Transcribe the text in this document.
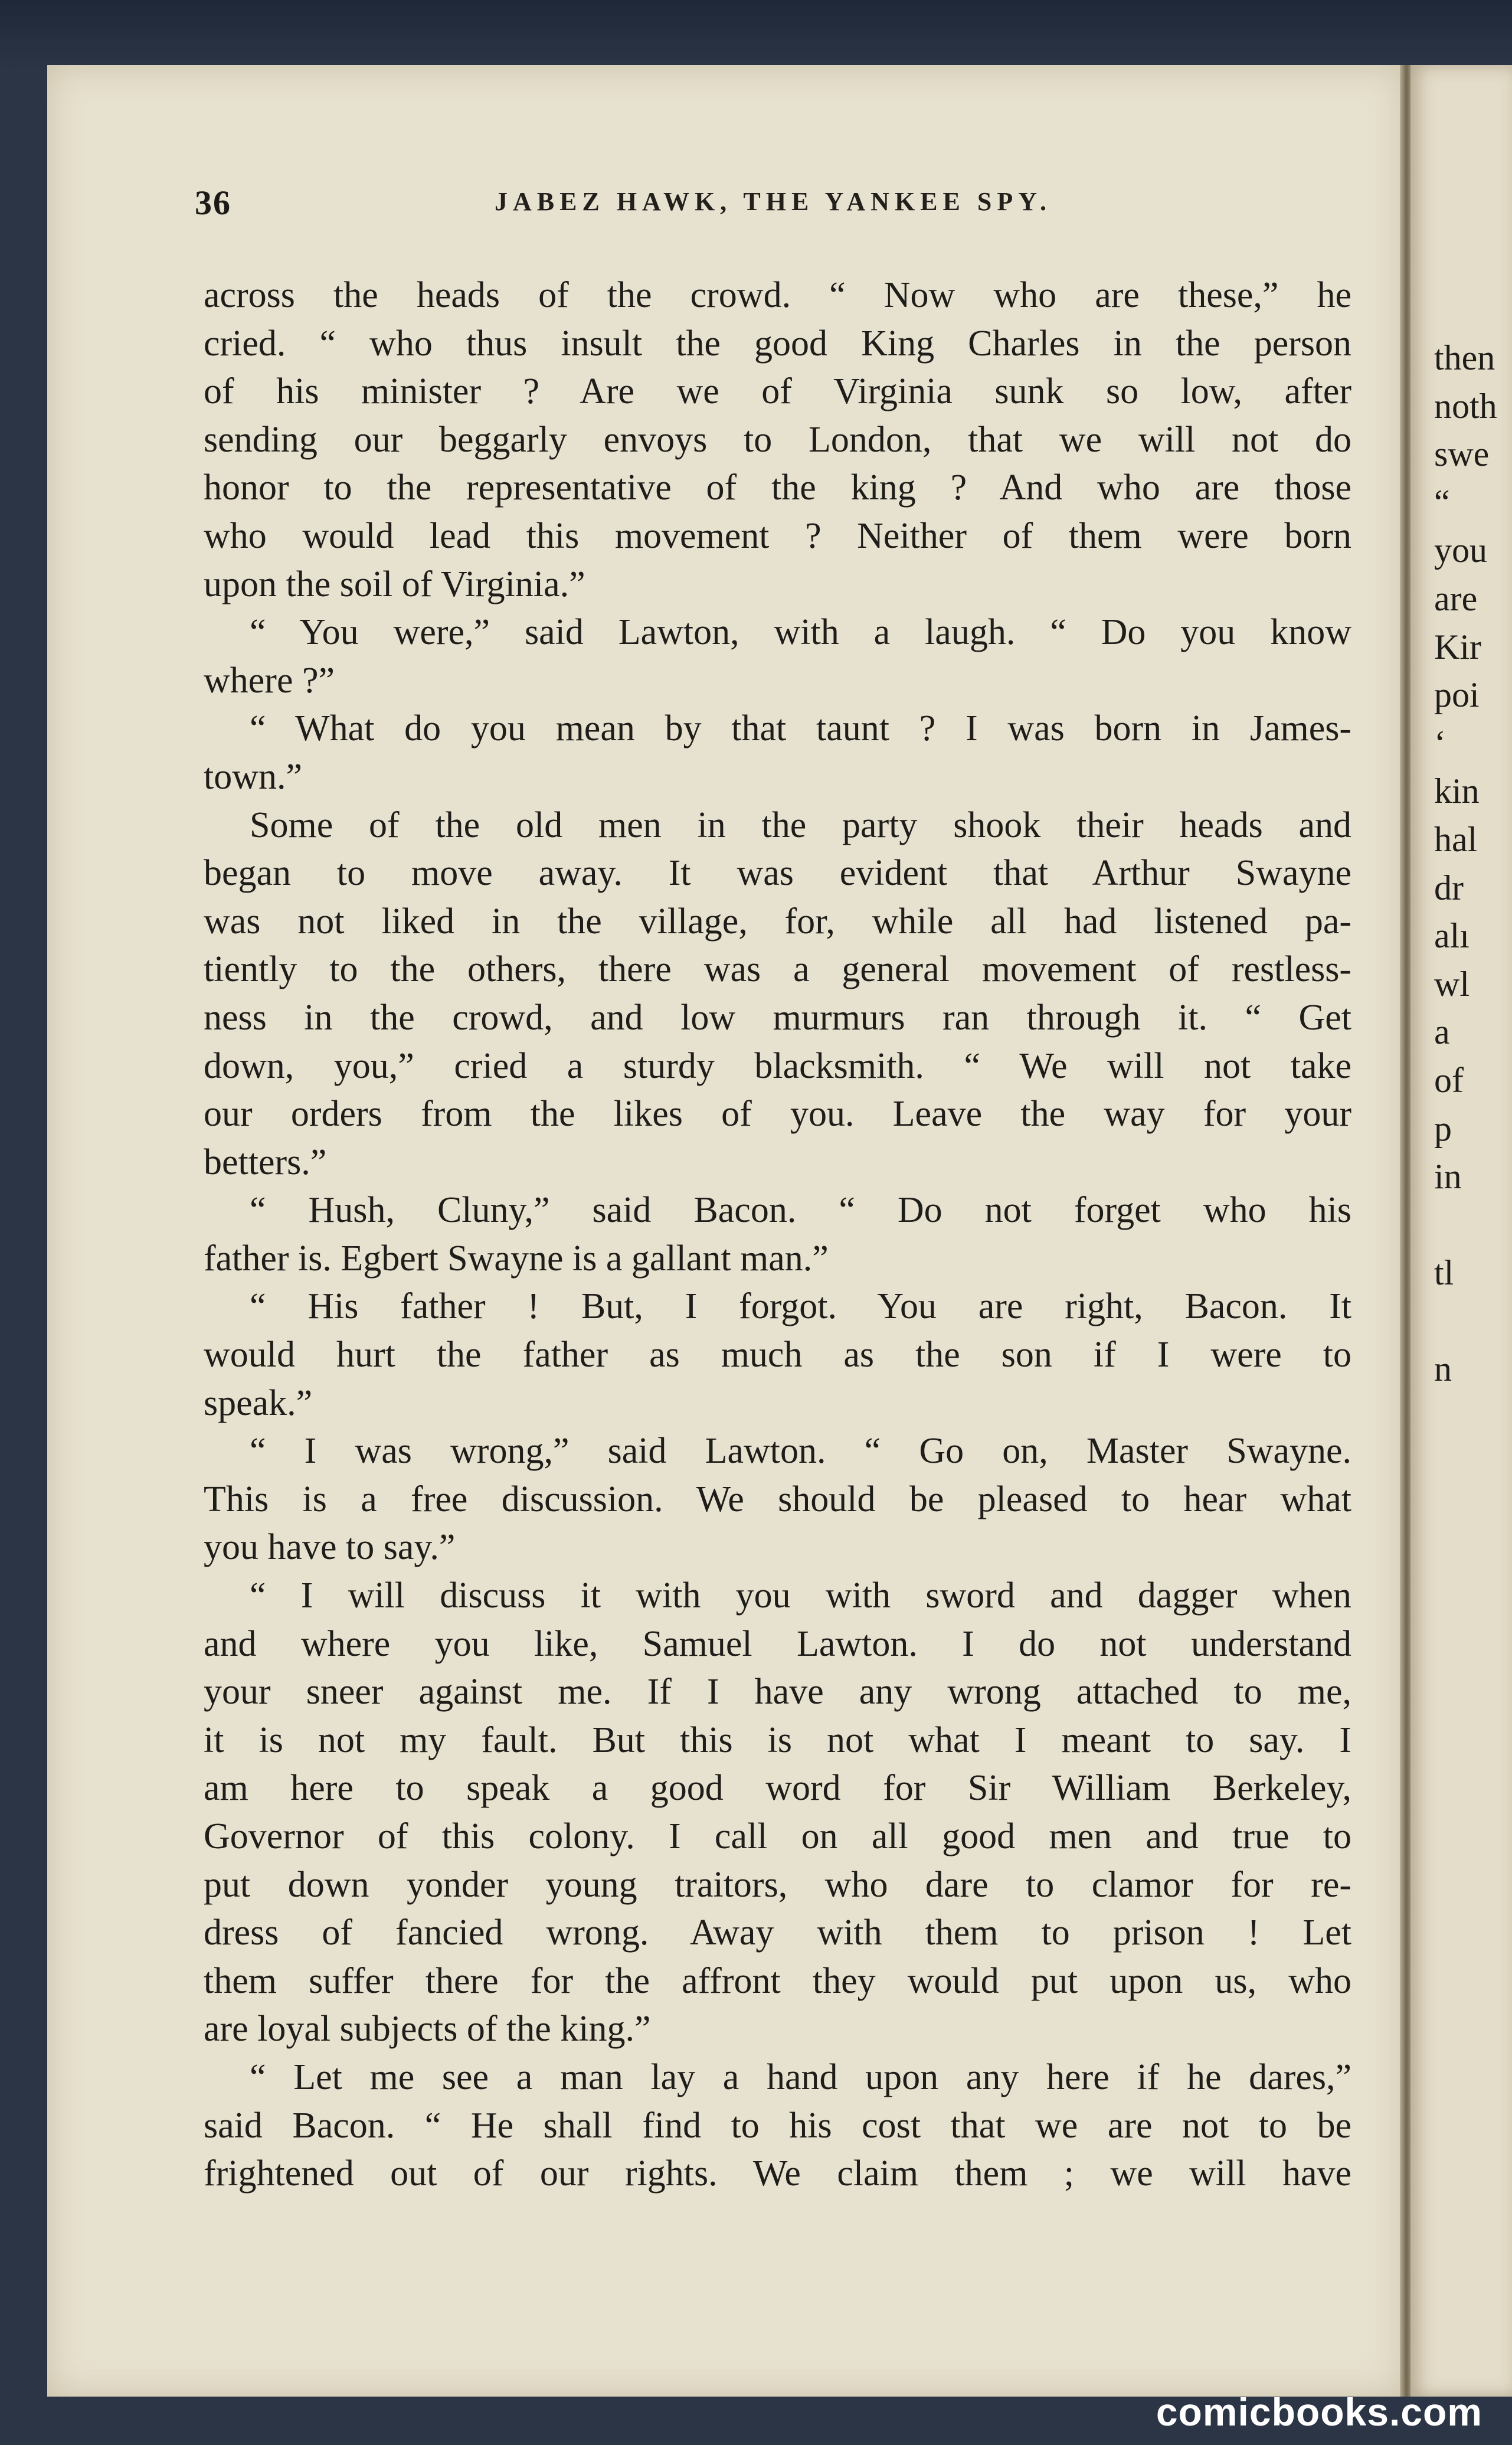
then
noth
swe
“
you
are
Kir
poi
‘
kin
hal
dr
alı
wl
a
of
p
in
tl
n
36	JABEZ HAWK, THE YANKEE SPY.
across the heads of the crowd. “ Now who are these,” he
cried. “ who thus insult the good King Charles in the person
of his minister ? Are we of Virginia sunk so low, after
sending our beggarly envoys to London, that we will not do
honor to the representative of the king ? And who are those
who would lead this movement ? Neither of them were born
upon the soil of Virginia.”
“ You were,” said Lawton, with a laugh. “ Do you know
where ?”
“ What do you mean by that taunt ? I was born in James-
town.”
Some of the old men in the party shook their heads and
began to move away. It was evident that Arthur Swayne
was not liked in the village, for, while all had listened pa-
tiently to the others, there was a general movement of restless-
ness in the crowd, and low murmurs ran through it. “ Get
down, you,” cried a sturdy blacksmith. “ We will not take
our orders from the likes of you. Leave the way for your
betters.”
“ Hush, Cluny,” said Bacon. “ Do not forget who his
father is. Egbert Swayne is a gallant man.”
“ His father ! But, I forgot. You are right, Bacon. It
would hurt the father as much as the son if I were to
speak.”
“ I was wrong,” said Lawton. “ Go on, Master Swayne.
This is a free discussion. We should be pleased to hear what
you have to say.”
“ I will discuss it with you with sword and dagger when
and where you like, Samuel Lawton. I do not understand
your sneer against me. If I have any wrong attached to me,
it is not my fault. But this is not what I meant to say. I
am here to speak a good word for Sir William Berkeley,
Governor of this colony. I call on all good men and true to
put down yonder young traitors, who dare to clamor for re-
dress of fancied wrong. Away with them to prison ! Let
them suffer there for the affront they would put upon us, who
are loyal subjects of the king.”
“ Let me see a man lay a hand upon any here if he dares,”
said Bacon. “ He shall find to his cost that we are not to be
frightened out of our rights. We claim them ; we will have
comicbooks.com
